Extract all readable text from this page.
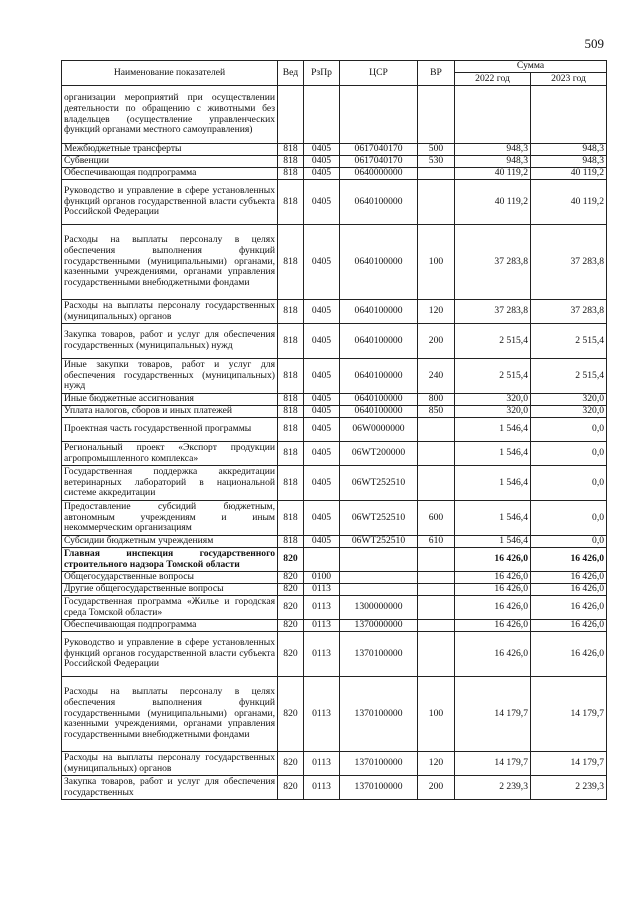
509
Наименование показателей	Вед	РзПр	ЦСР	ВР	Сумма	
					2022 год	2023 год
организации мероприятий при осуществлении деятельности по обращению с животными без владельцев (осуществление управленческих функций органами местного самоуправления)						
Межбюджетные трансферты	818	0405	0617040170	500	948,3	948,3
Субвенции	818	0405	0617040170	530	948,3	948,3
Обеспечивающая подпрограмма	818	0405	0640000000		40 119,2	40 119,2
Руководство и управление в сфере установленных функций органов государственной власти субъекта Российской Федерации	818	0405	0640100000		40 119,2	40 119,2
Расходы на выплаты персоналу в целях обеспечения выполнения функций государственными (муниципальными) органами, казенными учреждениями, органами управления государственными внебюджетными фондами	818	0405	0640100000	100	37 283,8	37 283,8
Расходы на выплаты персоналу государственных (муниципальных) органов	818	0405	0640100000	120	37 283,8	37 283,8
Закупка товаров, работ и услуг для обеспечения государственных (муниципальных) нужд	818	0405	0640100000	200	2 515,4	2 515,4
Иные закупки товаров, работ и услуг для обеспечения государственных (муниципальных) нужд	818	0405	0640100000	240	2 515,4	2 515,4
Иные бюджетные ассигнования	818	0405	0640100000	800	320,0	320,0
Уплата налогов, сборов и иных платежей	818	0405	0640100000	850	320,0	320,0
Проектная часть государственной программы	818	0405	06W0000000		1 546,4	0,0
Региональный проект «Экспорт продукции агропромышленного комплекса»	818	0405	06WT200000		1 546,4	0,0
Государственная поддержка аккредитации ветеринарных лабораторий в национальной системе аккредитации	818	0405	06WT252510		1 546,4	0,0
Предоставление субсидий бюджетным, автономным учреждениям и иным некоммерческим организациям	818	0405	06WT252510	600	1 546,4	0,0
Субсидии бюджетным учреждениям	818	0405	06WT252510	610	1 546,4	0,0
Главная инспекция государственного строительного надзора Томской области	820				16 426,0	16 426,0
Общегосударственные вопросы	820	0100			16 426,0	16 426,0
Другие общегосударственные вопросы	820	0113			16 426,0	16 426,0
Государственная программа «Жилье и городская среда Томской области»	820	0113	1300000000		16 426,0	16 426,0
Обеспечивающая подпрограмма	820	0113	1370000000		16 426,0	16 426,0
Руководство и управление в сфере установленных функций органов государственной власти субъекта Российской Федерации	820	0113	1370100000		16 426,0	16 426,0
Расходы на выплаты персоналу в целях обеспечения выполнения функций государственными (муниципальными) органами, казенными учреждениями, органами управления государственными внебюджетными фондами	820	0113	1370100000	100	14 179,7	14 179,7
Расходы на выплаты персоналу государственных (муниципальных) органов	820	0113	1370100000	120	14 179,7	14 179,7
Закупка товаров, работ и услуг для обеспечения государственных	820	0113	1370100000	200	2 239,3	2 239,3
